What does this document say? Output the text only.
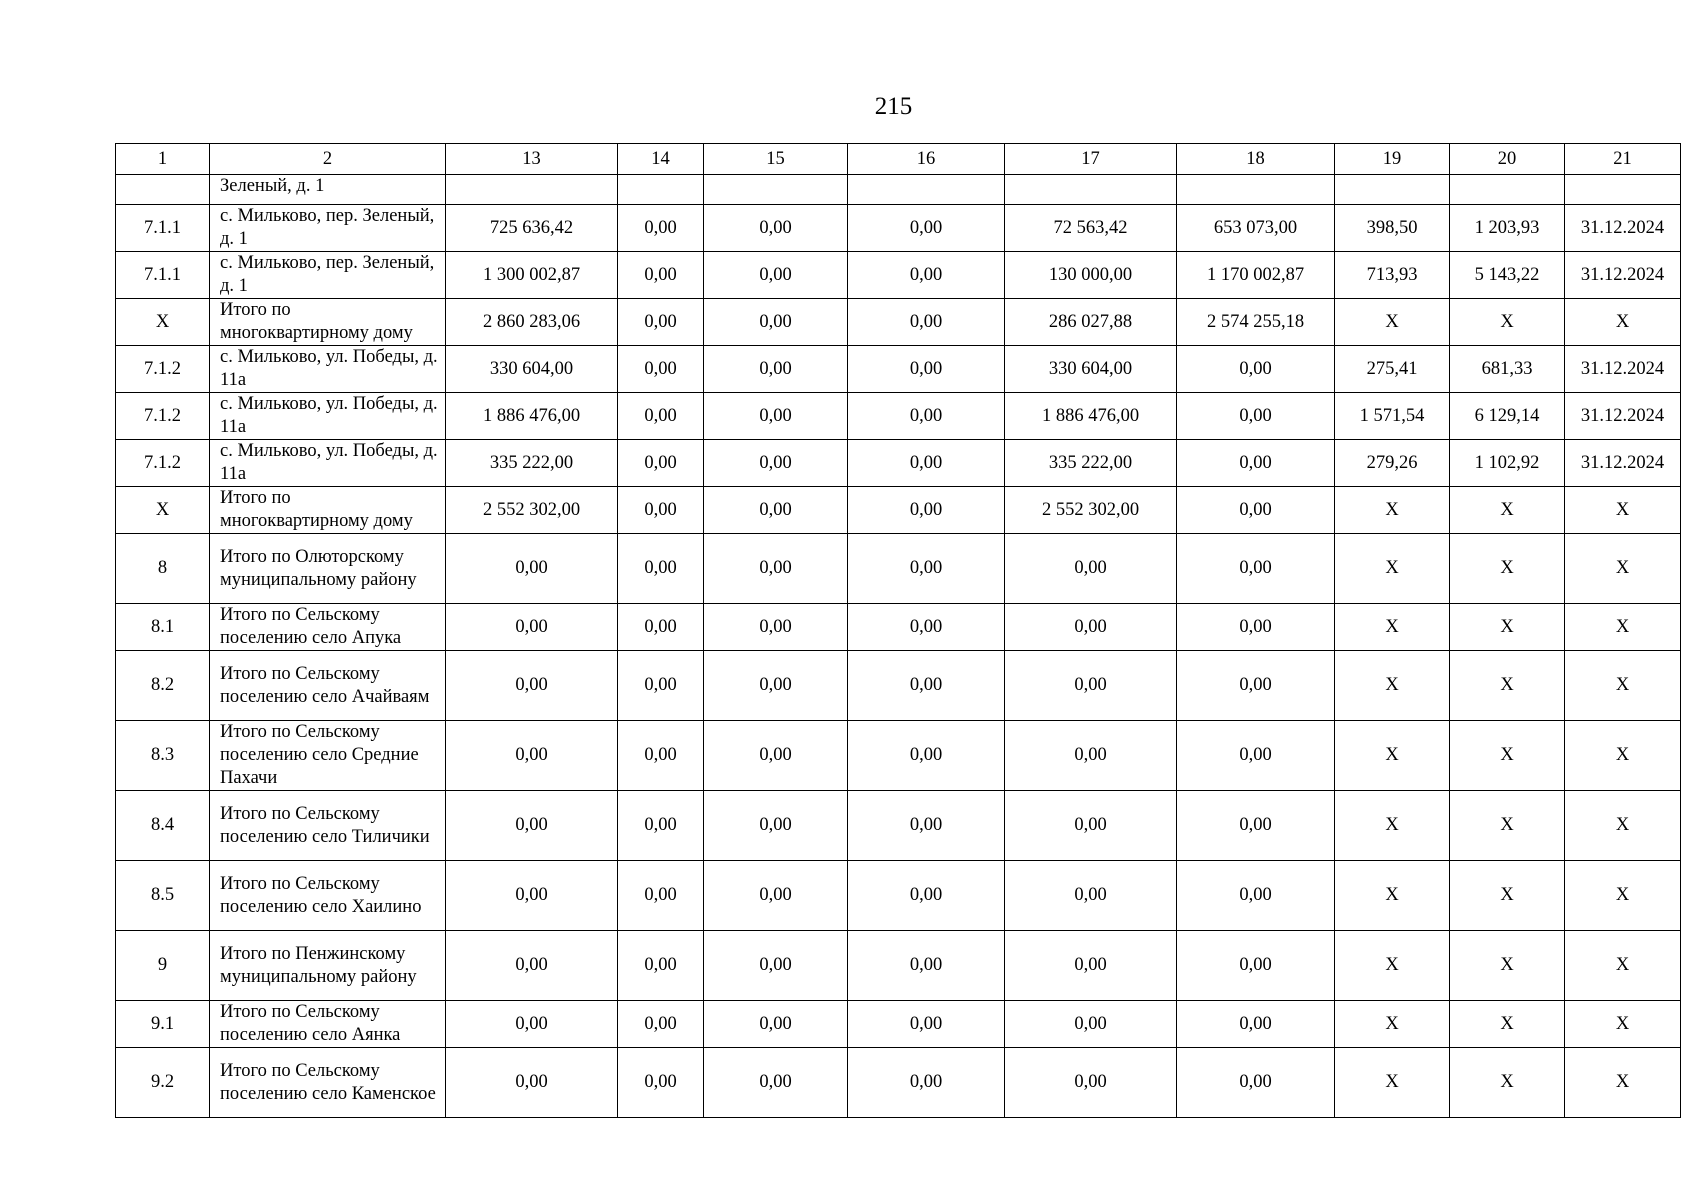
215
1	2	13	14	15	16	17	18	19	20	21
	Зеленый, д. 1									
7.1.1	с. Мильково, пер. Зеленый, д. 1	725 636,42	0,00	0,00	0,00	72 563,42	653 073,00	398,50	1 203,93	31.12.2024
7.1.1	с. Мильково, пер. Зеленый, д. 1	1 300 002,87	0,00	0,00	0,00	130 000,00	1 170 002,87	713,93	5 143,22	31.12.2024
Х	Итого по многоквартирному дому	2 860 283,06	0,00	0,00	0,00	286 027,88	2 574 255,18	Х	Х	Х
7.1.2	с. Мильково, ул. Победы, д. 11а	330 604,00	0,00	0,00	0,00	330 604,00	0,00	275,41	681,33	31.12.2024
7.1.2	с. Мильково, ул. Победы, д. 11а	1 886 476,00	0,00	0,00	0,00	1 886 476,00	0,00	1 571,54	6 129,14	31.12.2024
7.1.2	с. Мильково, ул. Победы, д. 11а	335 222,00	0,00	0,00	0,00	335 222,00	0,00	279,26	1 102,92	31.12.2024
Х	Итого по многоквартирному дому	2 552 302,00	0,00	0,00	0,00	2 552 302,00	0,00	Х	Х	Х
8	Итого по Олюторскому муниципальному району	0,00	0,00	0,00	0,00	0,00	0,00	Х	Х	Х
8.1	Итого по Сельскому поселению село Апука	0,00	0,00	0,00	0,00	0,00	0,00	Х	Х	Х
8.2	Итого по Сельскому поселению село Ачайваям	0,00	0,00	0,00	0,00	0,00	0,00	Х	Х	Х
8.3	Итого по Сельскому поселению село Средние Пахачи	0,00	0,00	0,00	0,00	0,00	0,00	Х	Х	Х
8.4	Итого по Сельскому поселению село Тиличики	0,00	0,00	0,00	0,00	0,00	0,00	Х	Х	Х
8.5	Итого по Сельскому поселению село Хаилино	0,00	0,00	0,00	0,00	0,00	0,00	Х	Х	Х
9	Итого по Пенжинскому муниципальному району	0,00	0,00	0,00	0,00	0,00	0,00	Х	Х	Х
9.1	Итого по Сельскому поселению село Аянка	0,00	0,00	0,00	0,00	0,00	0,00	Х	Х	Х
9.2	Итого по Сельскому поселению село Каменское	0,00	0,00	0,00	0,00	0,00	0,00	Х	Х	Х
